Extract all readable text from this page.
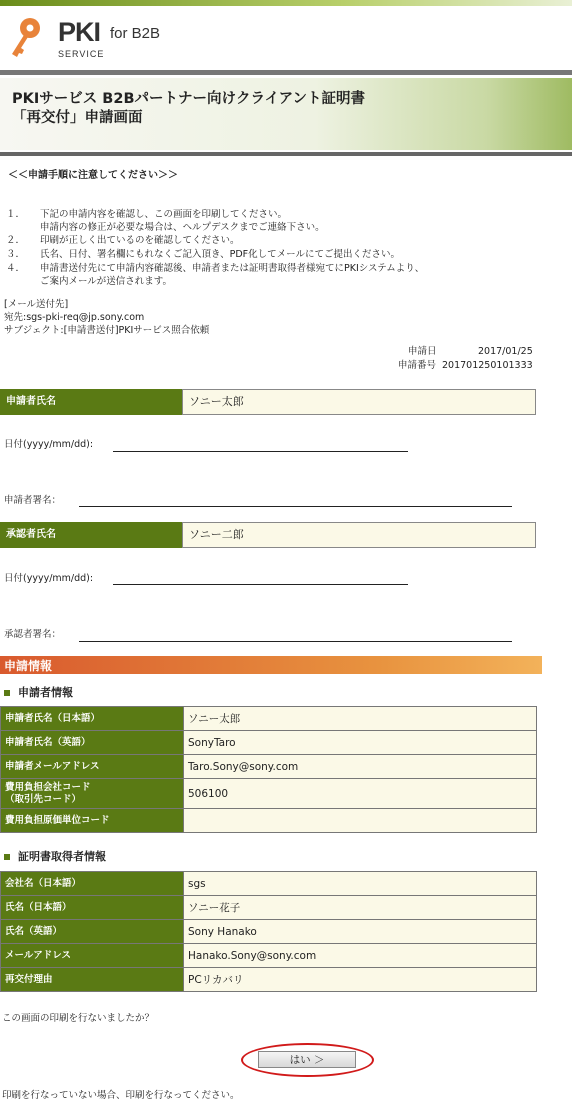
PKI
SERVICE
for B2B
PKIサービス B2Bパートナー向けクライアント証明書
「再交付」申請画面
＜＜申請手順に注意してください＞＞
１． 下記の申請内容を確認し、この画面を印刷してください。
申請内容の修正が必要な場合は、ヘルプデスクまでご連絡下さい。
２． 印刷が正しく出ているのを確認してください。
３． 氏名、日付、署名欄にもれなくご記入頂き、PDF化してメールにてご提出ください。
４． 申請書送付先にて申請内容確認後、申請者または証明書取得者様宛てにPKIシステムより、
ご案内メールが送信されます。
[メール送付先]
宛先:sgs-pki-req@jp.sony.com
サブジェクト:[申請書送付]PKIサービス照合依頼
申請日	2017/01/25
申請番号 201701250101333
申請者氏名	ソニー太郎
日付(yyyy/mm/dd):
申請者署名：
承認者氏名	ソニー二郎
日付(yyyy/mm/dd):
承認者署名：
申請情報
申請者情報
申請者氏名（日本語）	ソニー太郎
申請者氏名（英語）	SonyTaro
申請者メールアドレス	Taro.Sony@sony.com
費用負担会社コード
（取引先コード）	506100
費用負担原価単位コード	
証明書取得者情報
会社名（日本語）	sgs
氏名（日本語）	ソニー花子
氏名（英語）	Sony Hanako
メールアドレス	Hanako.Sony@sony.com
再交付理由	PCリカバリ
この画面の印刷を行ないましたか？
はい ＞
印刷を行なっていない場合、印刷を行なってください。
